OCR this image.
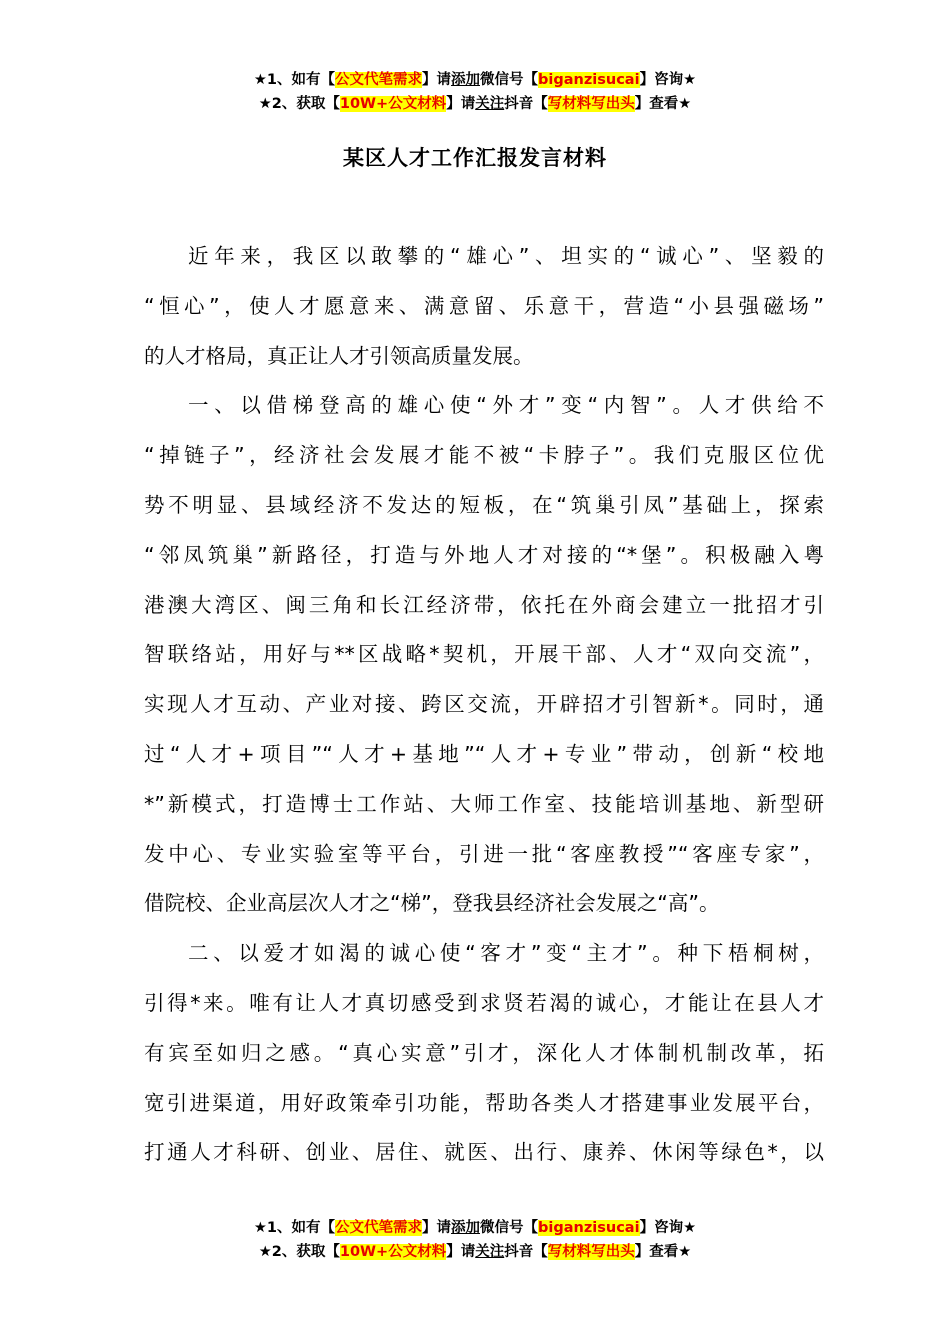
★1、如有【公文代笔需求】请添加微信号【biganzisucai】咨询★
★2、获取【10W+公文材料】请关注抖音【写材料写出头】查看★
某区人才工作汇报发言材料
近年来，我区以敢攀的“雄心”、坦实的“诚心”、坚毅的
“恒心”，使人才愿意来、满意留、乐意干，营造“小县强磁场”
的人才格局，真正让人才引领高质量发展。
一、以借梯登高的雄心使“外才”变“内智”。人才供给不
“掉链子”，经济社会发展才能不被“卡脖子”。我们克服区位优
势不明显、县域经济不发达的短板，在“筑巢引凤”基础上，探索
“邻凤筑巢”新路径，打造与外地人才对接的“*堡”。积极融入粤
港澳大湾区、闽三角和长江经济带，依托在外商会建立一批招才引
智联络站，用好与**区战略*契机，开展干部、人才“双向交流”，
实现人才互动、产业对接、跨区交流，开辟招才引智新*。同时，通
过“人才+项目”“人才+基地”“人才+专业”带动，创新“校地
*”新模式，打造博士工作站、大师工作室、技能培训基地、新型研
发中心、专业实验室等平台，引进一批“客座教授”“客座专家”，
借院校、企业高层次人才之“梯”，登我县经济社会发展之“高”。
二、以爱才如渴的诚心使“客才”变“主才”。种下梧桐树，
引得*来。唯有让人才真切感受到求贤若渴的诚心，才能让在县人才
有宾至如归之感。“真心实意”引才，深化人才体制机制改革，拓
宽引进渠道，用好政策牵引功能，帮助各类人才搭建事业发展平台，
打通人才科研、创业、居住、就医、出行、康养、休闲等绿色*，以
★1、如有【公文代笔需求】请添加微信号【biganzisucai】咨询★
★2、获取【10W+公文材料】请关注抖音【写材料写出头】查看★
